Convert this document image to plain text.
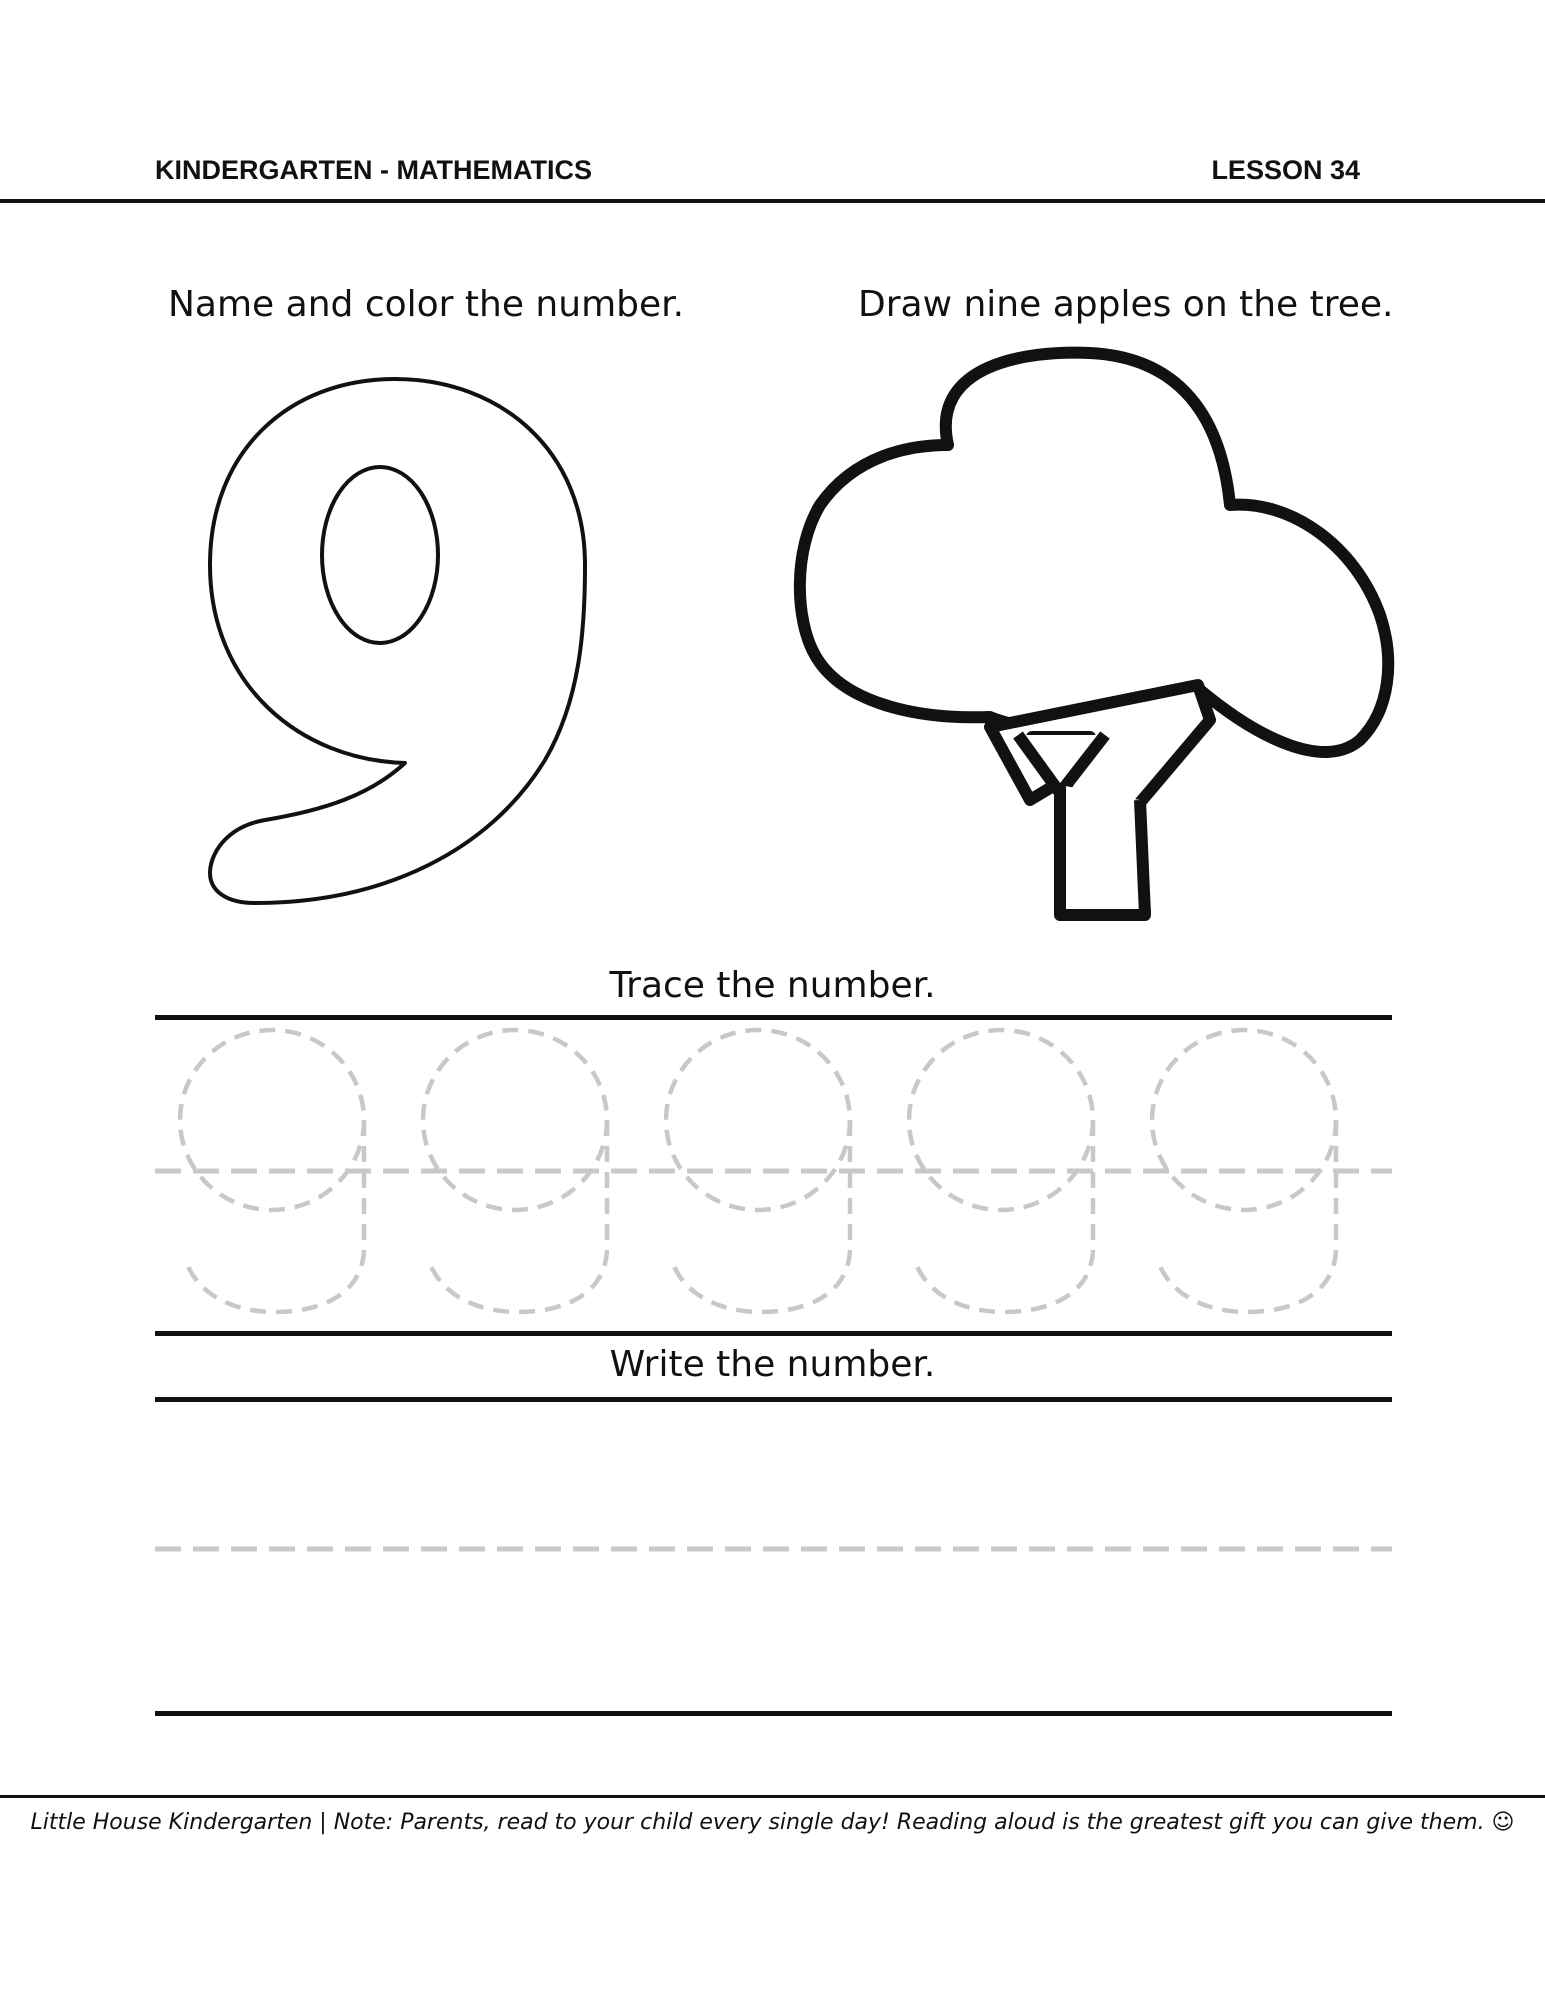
KINDERGARTEN - MATHEMATICS	LESSON 34
Name and color the number.	Draw nine apples on the tree.
Trace the number.
Write the number.
Little House Kindergarten | Note: Parents, read to your child every single day! Reading aloud is the greatest gift you can give them. ☺
